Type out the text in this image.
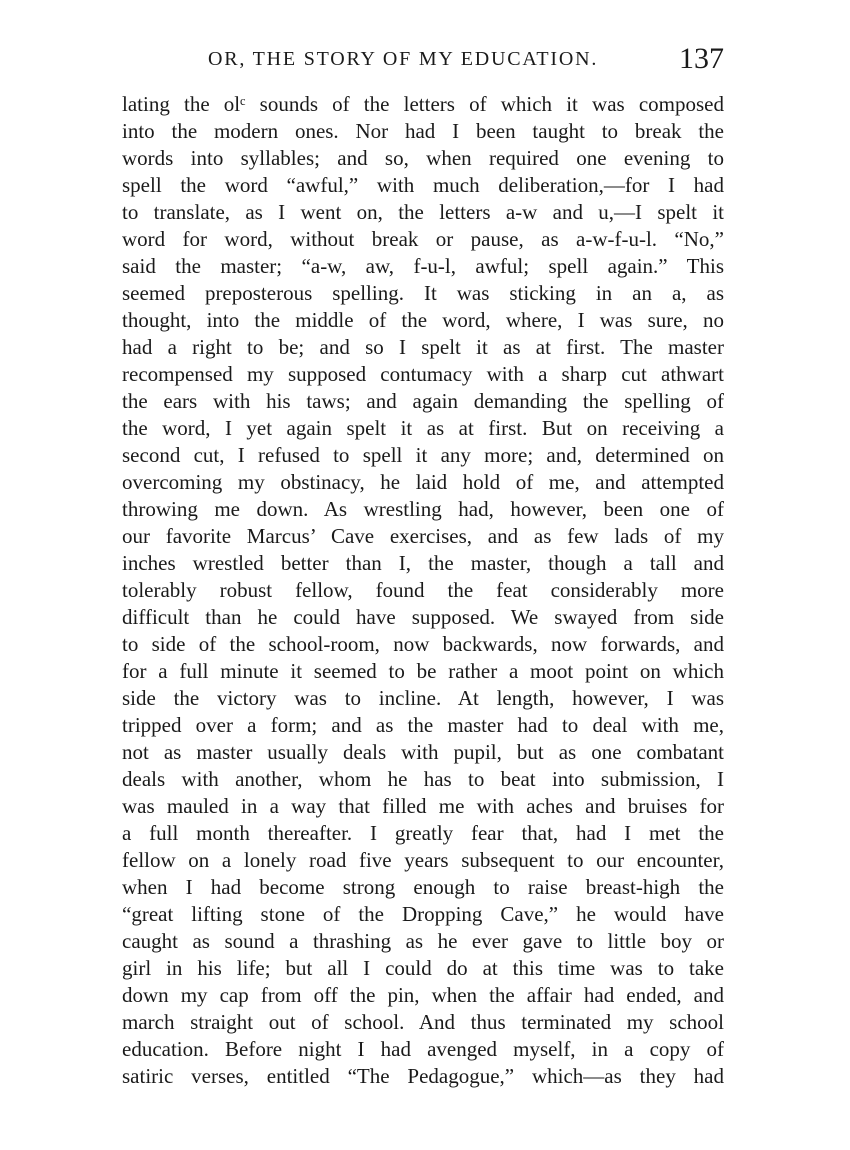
OR, THE STORY OF MY EDUCATION.	137
lating the olᶜ sounds of the letters of which it was composed
into the modern ones. Nor had I been taught to break the
words into syllables; and so, when required one evening to
spell the word “awful,” with much deliberation,—for I had
to translate, as I went on, the letters a-w and u,—I spelt it
word for word, without break or pause, as a-w-f-u-l. “No,”
said the master; “a-w, aw, f-u-l, awful; spell again.” This
seemed preposterous spelling. It was sticking in an a, as
thought, into the middle of the word, where, I was sure, no
had a right to be; and so I spelt it as at first. The master
recompensed my supposed contumacy with a sharp cut athwart
the ears with his taws; and again demanding the spelling of
the word, I yet again spelt it as at first. But on receiving a
second cut, I refused to spell it any more; and, determined on
overcoming my obstinacy, he laid hold of me, and attempted
throwing me down. As wrestling had, however, been one of
our favorite Marcus’ Cave exercises, and as few lads of my
inches wrestled better than I, the master, though a tall and
tolerably robust fellow, found the feat considerably more
difficult than he could have supposed. We swayed from side
to side of the school-room, now backwards, now forwards, and
for a full minute it seemed to be rather a moot point on which
side the victory was to incline. At length, however, I was
tripped over a form; and as the master had to deal with me,
not as master usually deals with pupil, but as one combatant
deals with another, whom he has to beat into submission, I
was mauled in a way that filled me with aches and bruises for
a full month thereafter. I greatly fear that, had I met the
fellow on a lonely road five years subsequent to our encounter,
when I had become strong enough to raise breast-high the
“great lifting stone of the Dropping Cave,” he would have
caught as sound a thrashing as he ever gave to little boy or
girl in his life; but all I could do at this time was to take
down my cap from off the pin, when the affair had ended, and
march straight out of school. And thus terminated my school
education. Before night I had avenged myself, in a copy of
satiric verses, entitled “The Pedagogue,” which—as they had
